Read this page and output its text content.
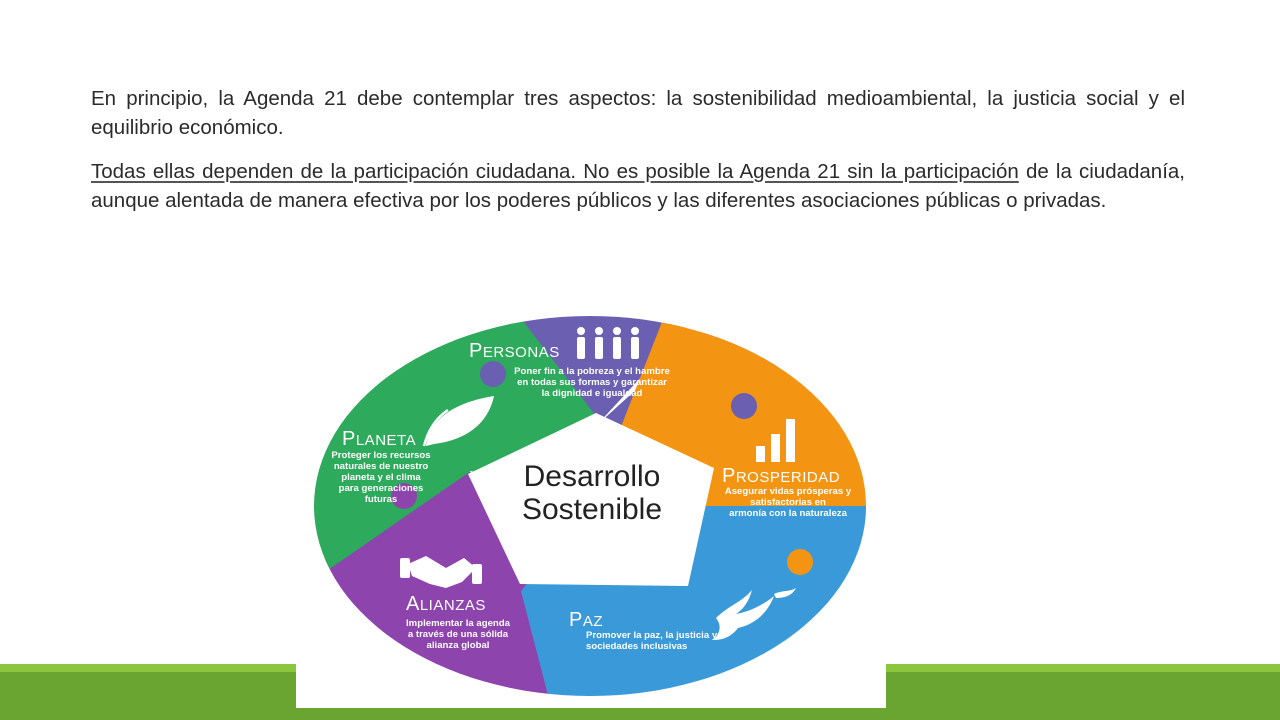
En principio, la Agenda 21 debe contemplar tres aspectos: la sostenibilidad medioambiental, la justicia social y el equilibrio económico.

Todas ellas dependen de la participación ciudadana. No es posible la Agenda 21 sin la participación de la ciudadanía, aunque alentada de manera efectiva por los poderes públicos y las diferentes asociaciones públicas o privadas.

Desarrollo
Sostenible
PERSONAS
Poner fin a la pobreza y el hambre
en todas sus formas y garantizar
la dignidad e igualdad
PROSPERIDAD
Asegurar vidas prósperas y
satisfactorias en
armonía con la naturaleza
PAZ
Promover la paz, la justicia y
sociedades inclusivas
ALIANZAS
Implementar la agenda
a través de una sólida
alianza global
PLANETA
Proteger los recursos
naturales de nuestro
planeta y el clima
para generaciones
futuras
